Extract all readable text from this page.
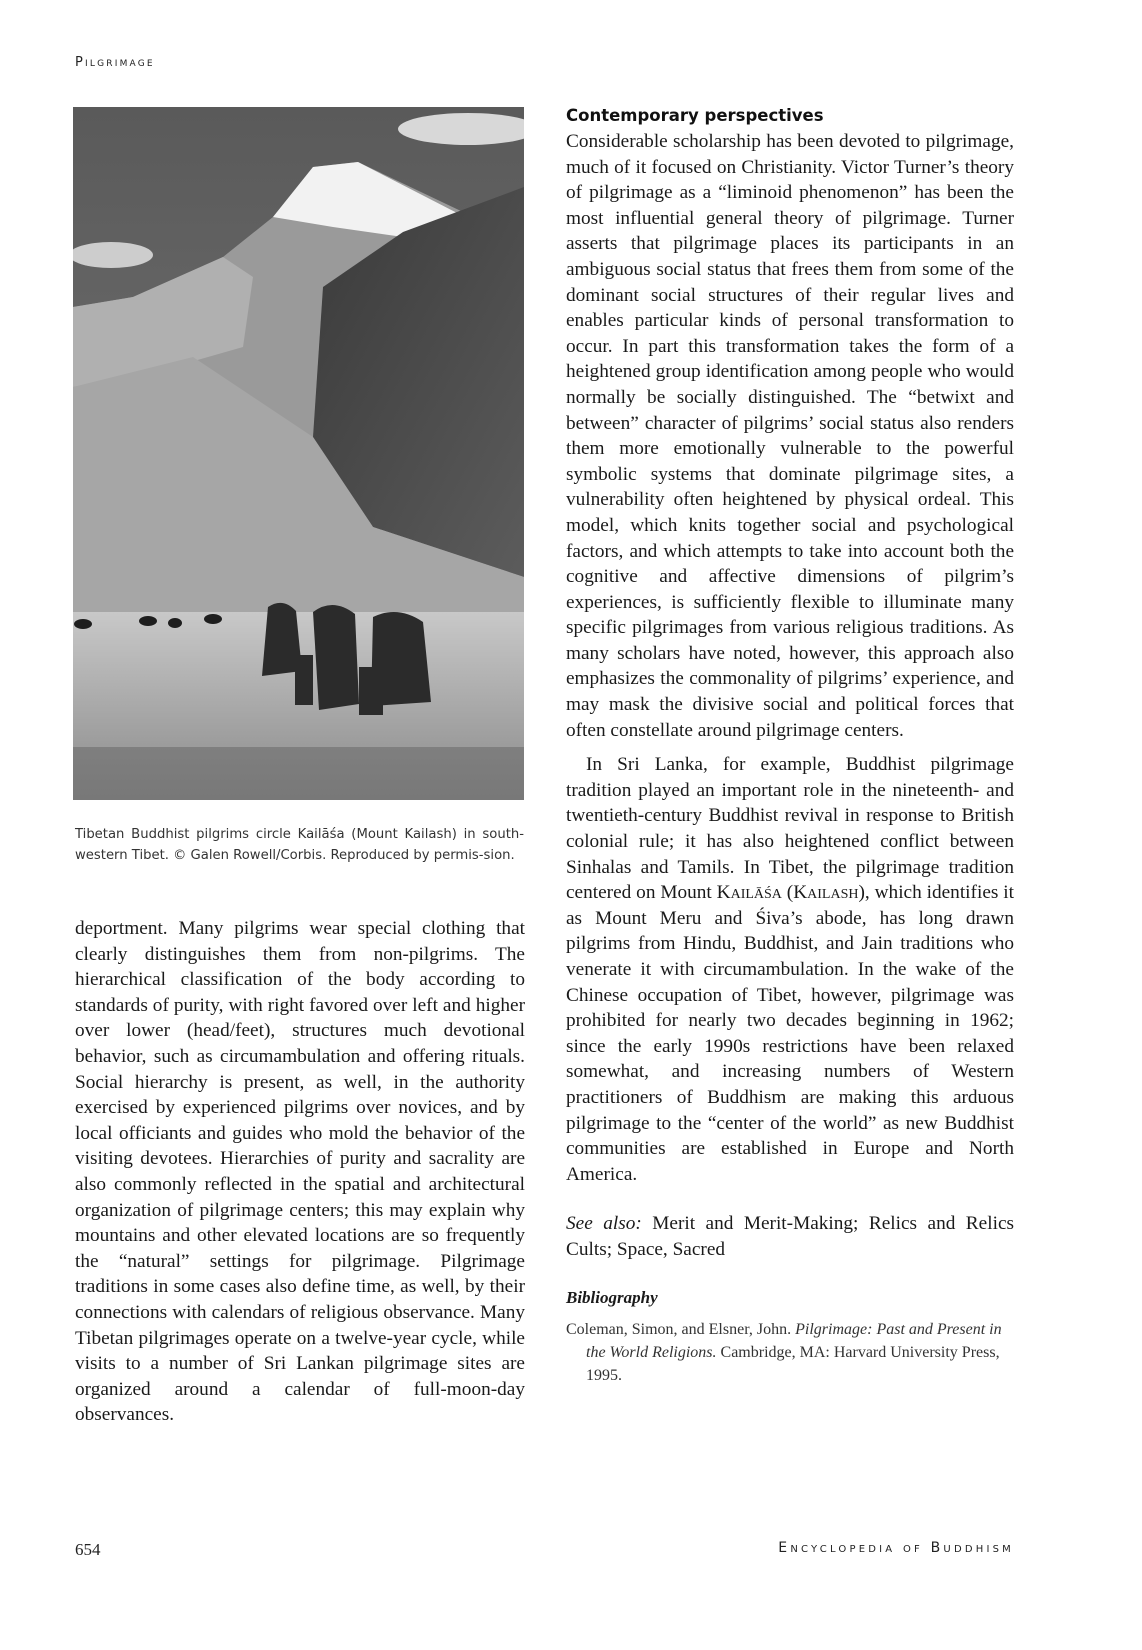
Pilgrimage
Tibetan Buddhist pilgrims circle Kailāśa (Mount Kailash) in south-western Tibet. © Galen Rowell/Corbis. Reproduced by permis-sion.

deportment. Many pilgrims wear special clothing that clearly distinguishes them from non-pilgrims. The hierarchical classification of the body according to standards of purity, with right favored over left and higher over lower (head/feet), structures much devotional behavior, such as circumambulation and offering rituals. Social hierarchy is present, as well, in the authority exercised by experienced pilgrims over novices, and by local officiants and guides who mold the behavior of the visiting devotees. Hierarchies of purity and sacrality are also commonly reflected in the spatial and architectural organization of pilgrimage centers; this may explain why mountains and other elevated locations are so frequently the “natural” settings for pilgrimage. Pilgrimage traditions in some cases also define time, as well, by their connections with calendars of religious observance. Many Tibetan pilgrimages operate on a twelve-year cycle, while visits to a number of Sri Lankan pilgrimage sites are organized around a calendar of full-moon-day observances.

Contemporary perspectives

Considerable scholarship has been devoted to pilgrimage, much of it focused on Christianity. Victor Turner’s theory of pilgrimage as a “liminoid phenomenon” has been the most influential general theory of pilgrimage. Turner asserts that pilgrimage places its participants in an ambiguous social status that frees them from some of the dominant social structures of their regular lives and enables particular kinds of personal transformation to occur. In part this transformation takes the form of a heightened group identification among people who would normally be socially distinguished. The “betwixt and between” character of pilgrims’ social status also renders them more emotionally vulnerable to the powerful symbolic systems that dominate pilgrimage sites, a vulnerability often heightened by physical ordeal. This model, which knits together social and psychological factors, and which attempts to take into account both the cognitive and affective dimensions of pilgrim’s experiences, is sufficiently flexible to illuminate many specific pilgrimages from various religious traditions. As many scholars have noted, however, this approach also emphasizes the commonality of pilgrims’ experience, and may mask the divisive social and political forces that often constellate around pilgrimage centers.

In Sri Lanka, for example, Buddhist pilgrimage tradition played an important role in the nineteenth- and twentieth-century Buddhist revival in response to British colonial rule; it has also heightened conflict between Sinhalas and Tamils. In Tibet, the pilgrimage tradition centered on Mount Kailāśa (Kailash), which identifies it as Mount Meru and Śiva’s abode, has long drawn pilgrims from Hindu, Buddhist, and Jain traditions who venerate it with circumambulation. In the wake of the Chinese occupation of Tibet, however, pilgrimage was prohibited for nearly two decades beginning in 1962; since the early 1990s restrictions have been relaxed somewhat, and increasing numbers of Western practitioners of Buddhism are making this arduous pilgrimage to the “center of the world” as new Buddhist communities are established in Europe and North America.

See also: Merit and Merit-Making; Relics and Relics Cults; Space, Sacred

Bibliography

Coleman, Simon, and Elsner, John. Pilgrimage: Past and Present in the World Religions. Cambridge, MA: Harvard University Press, 1995.

654	Encyclopedia of Buddhism
